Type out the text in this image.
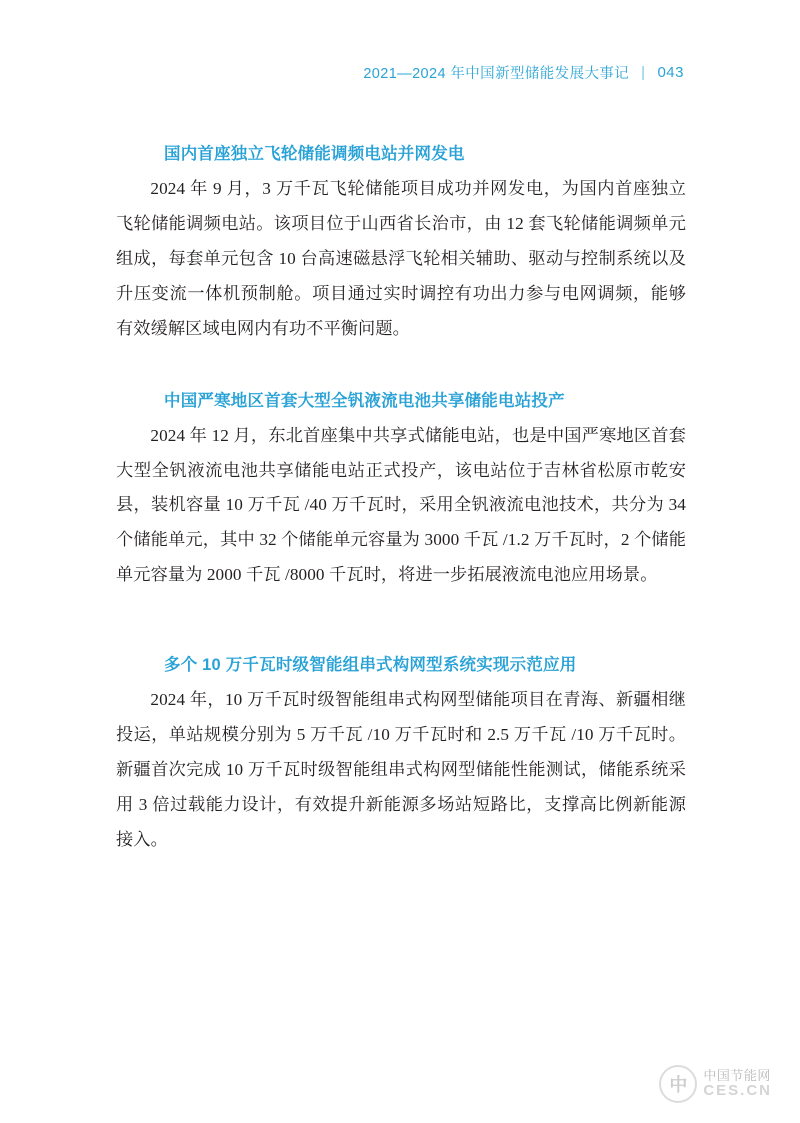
2021—2024 年中国新型储能发展大事记 | 043
国内首座独立飞轮储能调频电站并网发电

2024 年 9 月，3 万千瓦飞轮储能项目成功并网发电，为国内首座独立飞轮储能调频电站。该项目位于山西省长治市，由 12 套飞轮储能调频单元组成，每套单元包含 10 台高速磁悬浮飞轮相关辅助、驱动与控制系统以及升压变流一体机预制舱。项目通过实时调控有功出力参与电网调频，能够有效缓解区域电网内有功不平衡问题。

中国严寒地区首套大型全钒液流电池共享储能电站投产

2024 年 12 月，东北首座集中共享式储能电站，也是中国严寒地区首套大型全钒液流电池共享储能电站正式投产，该电站位于吉林省松原市乾安县，装机容量 10 万千瓦 /40 万千瓦时，采用全钒液流电池技术，共分为 34 个储能单元，其中 32 个储能单元容量为 3000 千瓦 /1.2 万千瓦时，2 个储能单元容量为 2000 千瓦 /8000 千瓦时，将进一步拓展液流电池应用场景。

多个 10 万千瓦时级智能组串式构网型系统实现示范应用

2024 年，10 万千瓦时级智能组串式构网型储能项目在青海、新疆相继投运，单站规模分别为 5 万千瓦 /10 万千瓦时和 2.5 万千瓦 /10 万千瓦时。新疆首次完成 10 万千瓦时级智能组串式构网型储能性能测试，储能系统采用 3 倍过载能力设计，有效提升新能源多场站短路比，支撑高比例新能源接入。

中	中国节能网
CES.CN
